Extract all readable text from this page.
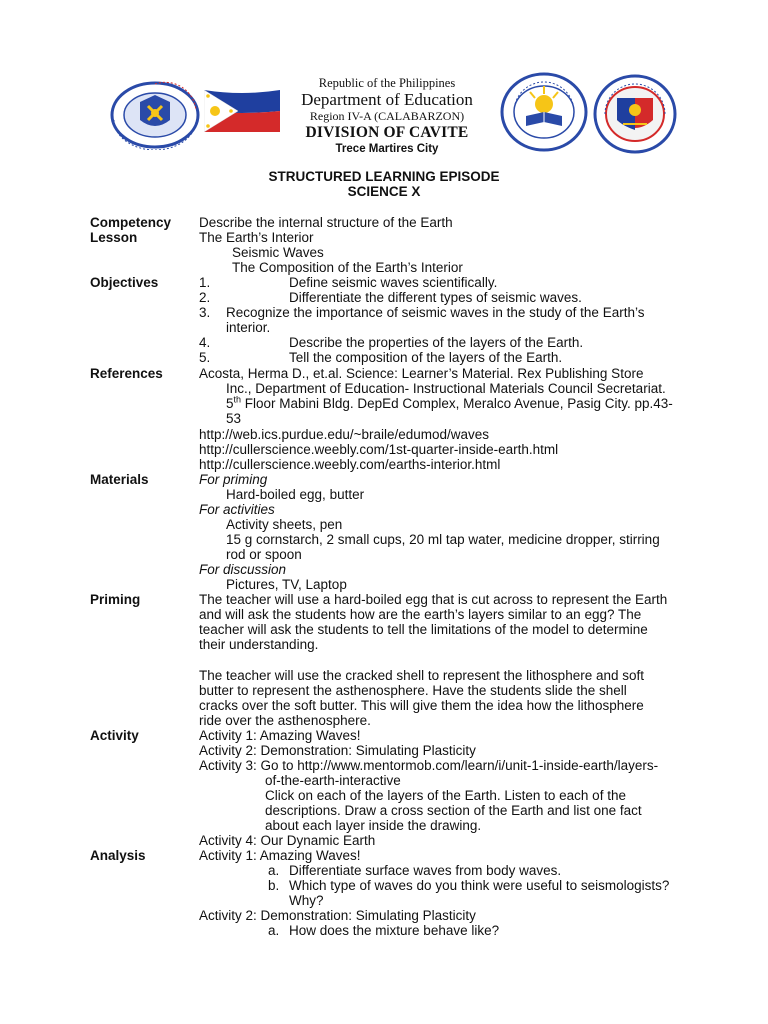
Republic of the Philippines
Department of Education
Region IV-A (CALABARZON)
DIVISION OF CAVITE
Trece Martires City
STRUCTURED LEARNING EPISODE
SCIENCE X
Competency Describe the internal structure of the Earth
Lesson	The Earth’s Interior
Seismic Waves
The Composition of the Earth’s Interior
Objectives	1.	Define seismic waves scientifically.
2.	Differentiate the different types of seismic waves.
3. Recognize the importance of seismic waves in the study of the Earth’s
interior.
4.	Describe the properties of the layers of the Earth.
5.	Tell the composition of the layers of the Earth.
References	Acosta, Herma D., et.al. Science: Learner’s Material. Rex Publishing Store
Inc., Department of Education- Instructional Materials Council Secretariat.
5th Floor Mabini Bldg. DepEd Complex, Meralco Avenue, Pasig City. pp.43-
53
http://web.ics.purdue.edu/~braile/edumod/waves
http://cullerscience.weebly.com/1st-quarter-inside-earth.html
http://cullerscience.weebly.com/earths-interior.html
Materials	For priming
Hard-boiled egg, butter
For activities
Activity sheets, pen
15 g cornstarch, 2 small cups, 20 ml tap water, medicine dropper, stirring
rod or spoon
For discussion
Pictures, TV, Laptop
Priming	The teacher will use a hard-boiled egg that is cut across to represent the Earth
and will ask the students how are the earth’s layers similar to an egg? The
teacher will ask the students to tell the limitations of the model to determine
their understanding.
The teacher will use the cracked shell to represent the lithosphere and soft
butter to represent the asthenosphere. Have the students slide the shell
cracks over the soft butter. This will give them the idea how the lithosphere
ride over the asthenosphere.
Activity	Activity 1: Amazing Waves!
Activity 2: Demonstration: Simulating Plasticity
Activity 3: Go to http://www.mentormob.com/learn/i/unit-1-inside-earth/layers-
of-the-earth-interactive
Click on each of the layers of the Earth. Listen to each of the
descriptions. Draw a cross section of the Earth and list one fact
about each layer inside the drawing.
Activity 4: Our Dynamic Earth
Analysis	Activity 1: Amazing Waves!
a. Differentiate surface waves from body waves.
b. Which type of waves do you think were useful to seismologists?
Why?
Activity 2: Demonstration: Simulating Plasticity
a. How does the mixture behave like?
